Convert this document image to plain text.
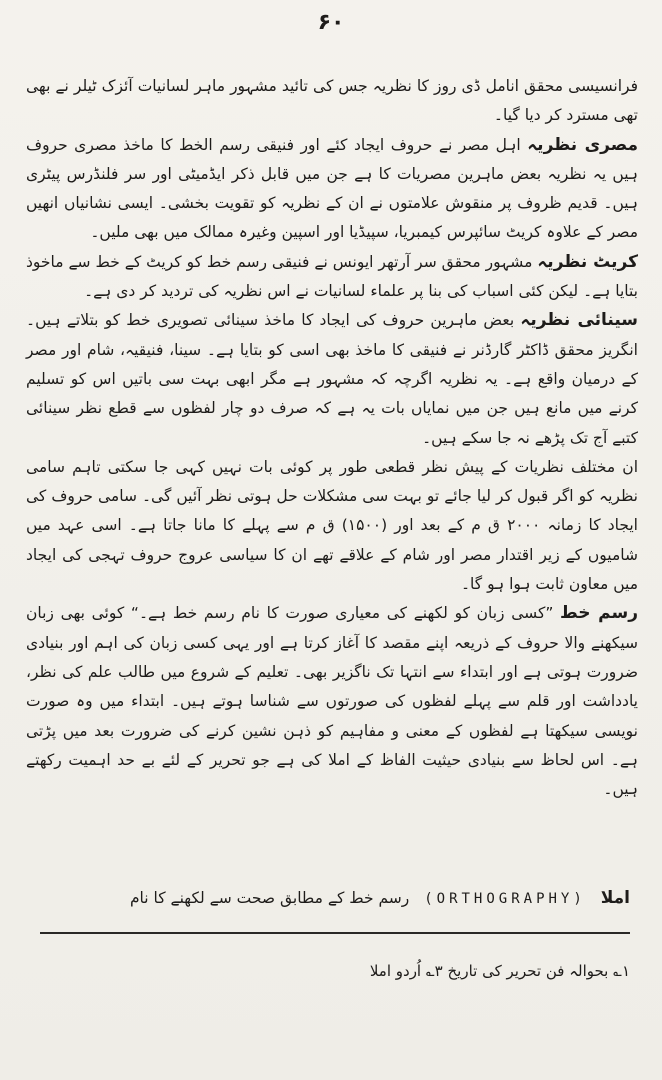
۶۰

فرانسیسی محقق انامل ڈی روز کا نظریہ جس کی تائید مشہور ماہر لسانیات آئزک ٹیلر نے بھی تھی مسترد کر دیا گیا۔

مصری نظریہ اہل مصر نے حروف ایجاد کئے اور فنیقی رسم الخط کا ماخذ مصری حروف ہیں یہ نظریہ بعض ماہرین مصریات کا ہے جن میں قابل ذکر ایڈمیٹی اور سر فلنڈرس پیٹری ہیں۔ قدیم ظروف پر منقوش علامتوں نے ان کے نظریہ کو تقویت بخشی۔ ایسی نشانیاں انھیں مصر کے علاوہ کریٹ سائپرس کیمبریا، سپیڈیا اور اسپین وغیرہ ممالک میں بھی ملیں۔

کریٹ نظریہ مشہور محقق سر آرتھر ایونس نے فنیقی رسم خط کو کریٹ کے خط سے ماخوذ بتایا ہے۔ لیکن کئی اسباب کی بنا پر علماء لسانیات نے اس نظریہ کی تردید کر دی ہے۔

سینائی نظریہ بعض ماہرین حروف کی ایجاد کا ماخذ سینائی تصویری خط کو بتلاتے ہیں۔ انگریز محقق ڈاکٹر گارڈنر نے فنیقی کا ماخذ بھی اسی کو بتایا ہے۔ سینا، فنیقیہ، شام اور مصر کے درمیان واقع ہے۔ یہ نظریہ اگرچہ کہ مشہور ہے مگر ابھی بہت سی باتیں اس کو تسلیم کرنے میں مانع ہیں جن میں نمایاں بات یہ ہے کہ صرف دو چار لفظوں سے قطع نظر سینائی کتبے آج تک پڑھے نہ جا سکے ہیں۔

ان مختلف نظریات کے پیش نظر قطعی طور پر کوئی بات نہیں کہی جا سکتی تاہم سامی نظریہ کو اگر قبول کر لیا جائے تو بہت سی مشکلات حل ہوتی نظر آئیں گی۔ سامی حروف کی ایجاد کا زمانہ ۲۰۰۰ ق م کے بعد اور (۱۵۰۰) ق م سے پہلے کا مانا جاتا ہے۔ اسی عہد میں شامیوں کے زیر اقتدار مصر اور شام کے علاقے تھے ان کا سیاسی عروج حروف تہجی کی ایجاد میں معاون ثابت ہوا ہو گا۔

رسم خط ”کسی زبان کو لکھنے کی معیاری صورت کا نام رسم خط ہے۔“ کوئی بھی زبان سیکھنے والا حروف کے ذریعہ اپنے مقصد کا آغاز کرتا ہے اور یہی کسی زبان کی اہم اور بنیادی ضرورت ہوتی ہے اور ابتداء سے انتہا تک ناگزیر بھی۔ تعلیم کے شروع میں طالب علم کی نظر، یادداشت اور قلم سے پہلے لفظوں کی صورتوں سے شناسا ہوتے ہیں۔ ابتداء میں وہ صورت نویسی سیکھتا ہے لفظوں کے معنی و مفاہیم کو ذہن نشین کرنے کی ضرورت بعد میں پڑتی ہے۔ اس لحاظ سے بنیادی حیثیت الفاظ کے املا کی ہے جو تحریر کے لئے بے حد اہمیت رکھتے ہیں۔

املا (ORTHOGRAPHY) رسم خط کے مطابق صحت سے لکھنے کا نام
۱؎ بحوالہ فن تحریر کی تاریخ ۳؎ اُردو املا
